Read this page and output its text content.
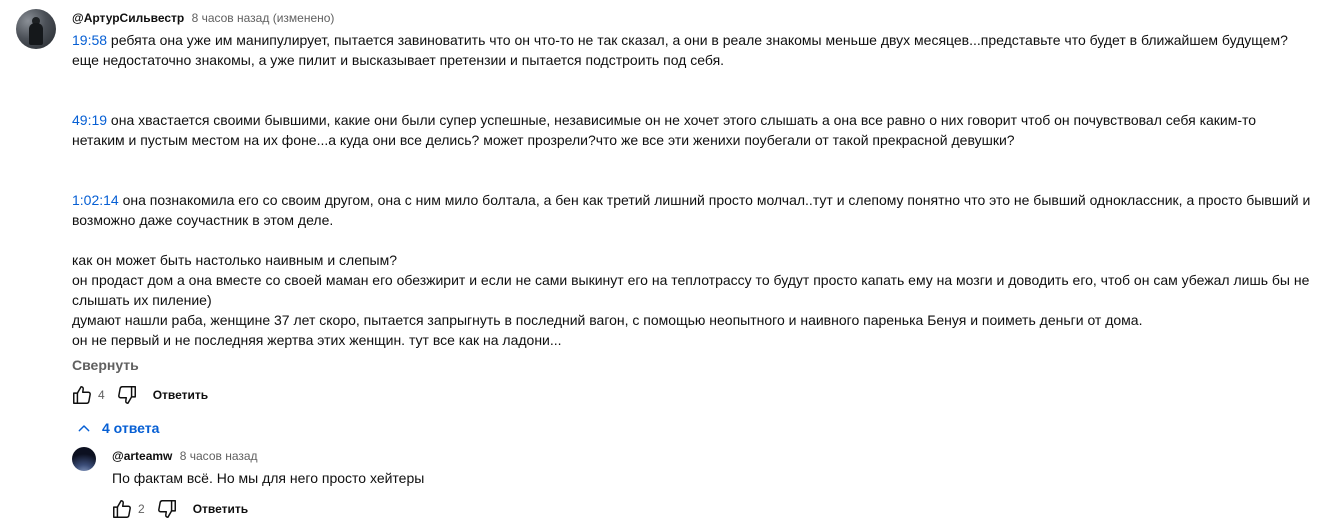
@АртурСильвестр 8 часов назад (изменено)

19:58 ребята она уже им манипулирует, пытается завиноватить что он что-то не так сказал, а они в реале знакомы меньше двух месяцев...представьте что будет в ближайшем будущем?
еще недостаточно знакомы, а уже пилит и высказывает претензии и пытается подстроить под себя.

49:19 она хвастается своими бывшими, какие они были супер успешные, независимые он не хочет этого слышать а она все равно о них говорит чтоб он почувствовал себя каким-то
нетаким и пустым местом на их фоне...а куда они все делись? может прозрели?что же все эти женихи поубегали от такой прекрасной девушки?

1:02:14 она познакомила его со своим другом, она с ним мило болтала, а бен как третий лишний просто молчал..тут и слепому понятно что это не бывший одноклассник, а просто бывший и
возможно даже соучастник в этом деле.

как он может быть настолько наивным и слепым?
он продаст дом а она вместе со своей маман его обезжирит и если не сами выкинут его на теплотрассу то будут просто капать ему на мозги и доводить его, чтоб он сам убежал лишь бы не
слышать их пиление)
думают нашли раба, женщине 37 лет скоро, пытается запрыгнуть в последний вагон, с помощью неопытного и наивного паренька Бенуя и поиметь деньги от дома.
он не первый и не последняя жертва этих женщин. тут все как на ладони...

Свернуть
4	Ответить
4 ответа
@arteamw 8 часов назад
По фактам всё. Но мы для него просто хейтеры
2	Ответить
